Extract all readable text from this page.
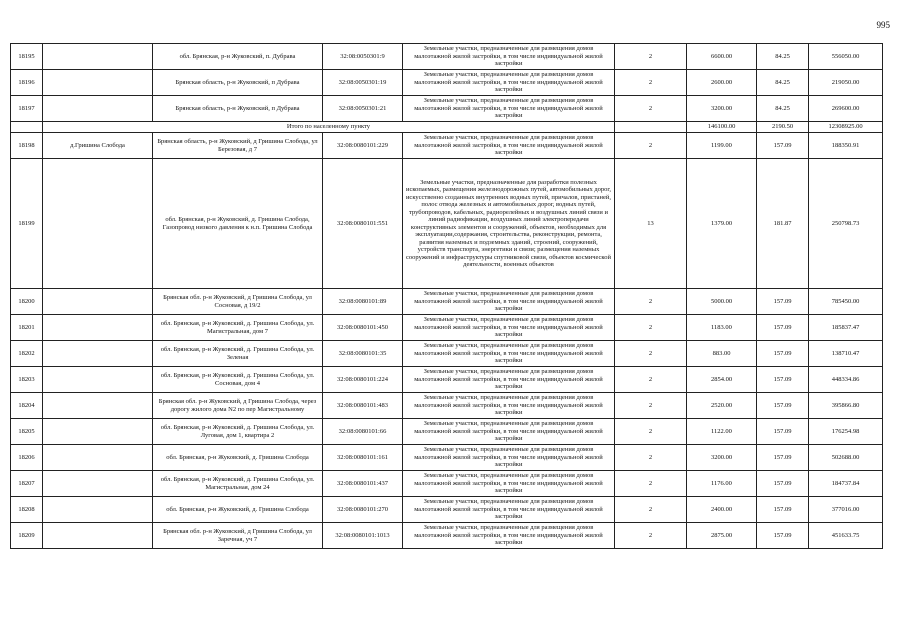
995
18195		обл. Брянская, р-н Жуковский, п. Дубрава	32:08:0050301:9	Земельные участки, предназначенные для размещения домов малоэтажной жилой застройки, в том числе индивидуальной жилой застройки	2	6600.00	84.25	556050.00
18196		Брянская область, р-н Жуковский, п Дубрава	32:08:0050301:19	Земельные участки, предназначенные для размещения домов малоэтажной жилой застройки, в том числе индивидуальной жилой застройки	2	2600.00	84.25	219050.00
18197		Брянская область, р-н Жуковский, п Дубрава	32:08:0050301:21	Земельные участки, предназначенные для размещения домов малоэтажной жилой застройки, в том числе индивидуальной жилой застройки	2	3200.00	84.25	269600.00
	Итого по населенному пункту					146100.00	2190.50	12308925.00
18198	д.Гришина Слобода	Брянская область, р-н Жуковский, д Гришина Слобода, ул Березовая, д 7	32:08:0080101:229	Земельные участки, предназначенные для размещения домов малоэтажной жилой застройки, в том числе индивидуальной жилой застройки	2	1199.00	157.09	188350.91
18199		обл. Брянская, р-н Жуковский, д. Гришина Слобода, Газопровод низкого давления к н.п. Гришина Слобода	32:08:0080101:551	Земельные участки, предназначенные для разработки полезных ископаемых, размещения железнодорожных путей, автомобильных дорог, искусственно созданных внутренних водных путей, причалов, пристаней, полос отвода железных и автомобильных дорог, водных путей, трубопроводов, кабельных, радиорелейных и воздушных линий связи и линий радиофикации, воздушных линий электропередачи конструктивных элементов и сооружений, объектов, необходимых для эксплуатации,содержания, строительства, реконструкции, ремонта, развития наземных и подземных зданий, строений, сооружений, устройств транспорта, энергетики и связи; размещения наземных сооружений и инфраструктуры спутниковой связи, объектов космической деятельности, военных объектов	13	1379.00	181.87	250798.73
18200		Брянская обл. р-н Жуковский, д Гришина Слобода, ул Сосновая, д 19/2	32:08:0080101:89	Земельные участки, предназначенные для размещения домов малоэтажной жилой застройки, в том числе индивидуальной жилой застройки	2	5000.00	157.09	785450.00
18201		обл. Брянская, р-н Жуковский, д. Гришина Слобода, ул. Магистральная, дом 7	32:08:0080101:450	Земельные участки, предназначенные для размещения домов малоэтажной жилой застройки, в том числе индивидуальной жилой застройки	2	1183.00	157.09	185837.47
18202		обл. Брянская, р-н Жуковский, д. Гришина Слобода, ул. Зеленая	32:08:0080101:35	Земельные участки, предназначенные для размещения домов малоэтажной жилой застройки, в том числе индивидуальной жилой застройки	2	883.00	157.09	138710.47
18203		обл. Брянская, р-н Жуковский, д. Гришина Слобода, ул. Сосновая, дом 4	32:08:0080101:224	Земельные участки, предназначенные для размещения домов малоэтажной жилой застройки, в том числе индивидуальной жилой застройки	2	2854.00	157.09	448334.86
18204		Брянская обл. р-н Жуковский, д Гришина Слобода, через дорогу жилого дома N2 по пер Магистральному	32:08:0080101:483	Земельные участки, предназначенные для размещения домов малоэтажной жилой застройки, в том числе индивидуальной жилой застройки	2	2520.00	157.09	395866.80
18205		обл. Брянская, р-н Жуковский, д. Гришина Слобода, ул. Луговая, дом 1, квартира 2	32:08:0080101:66	Земельные участки, предназначенные для размещения домов малоэтажной жилой застройки, в том числе индивидуальной жилой застройки	2	1122.00	157.09	176254.98
18206		обл. Брянская, р-н Жуковский, д. Гришина Слобода	32:08:0080101:161	Земельные участки, предназначенные для размещения домов малоэтажной жилой застройки, в том числе индивидуальной жилой застройки	2	3200.00	157.09	502688.00
18207		обл. Брянская, р-н Жуковский, д. Гришина Слобода, ул. Магистральная, дом 24	32:08:0080101:437	Земельные участки, предназначенные для размещения домов малоэтажной жилой застройки, в том числе индивидуальной жилой застройки	2	1176.00	157.09	184737.84
18208		обл. Брянская, р-н Жуковский, д. Гришина Слобода	32:08:0080101:270	Земельные участки, предназначенные для размещения домов малоэтажной жилой застройки, в том числе индивидуальной жилой застройки	2	2400.00	157.09	377016.00
18209		Брянская обл. р-н Жуковский, д Гришина Слобода, ул Заречная, уч 7	32:08:0080101:1013	Земельные участки, предназначенные для размещения домов малоэтажной жилой застройки, в том числе индивидуальной жилой застройки	2	2875.00	157.09	451633.75
